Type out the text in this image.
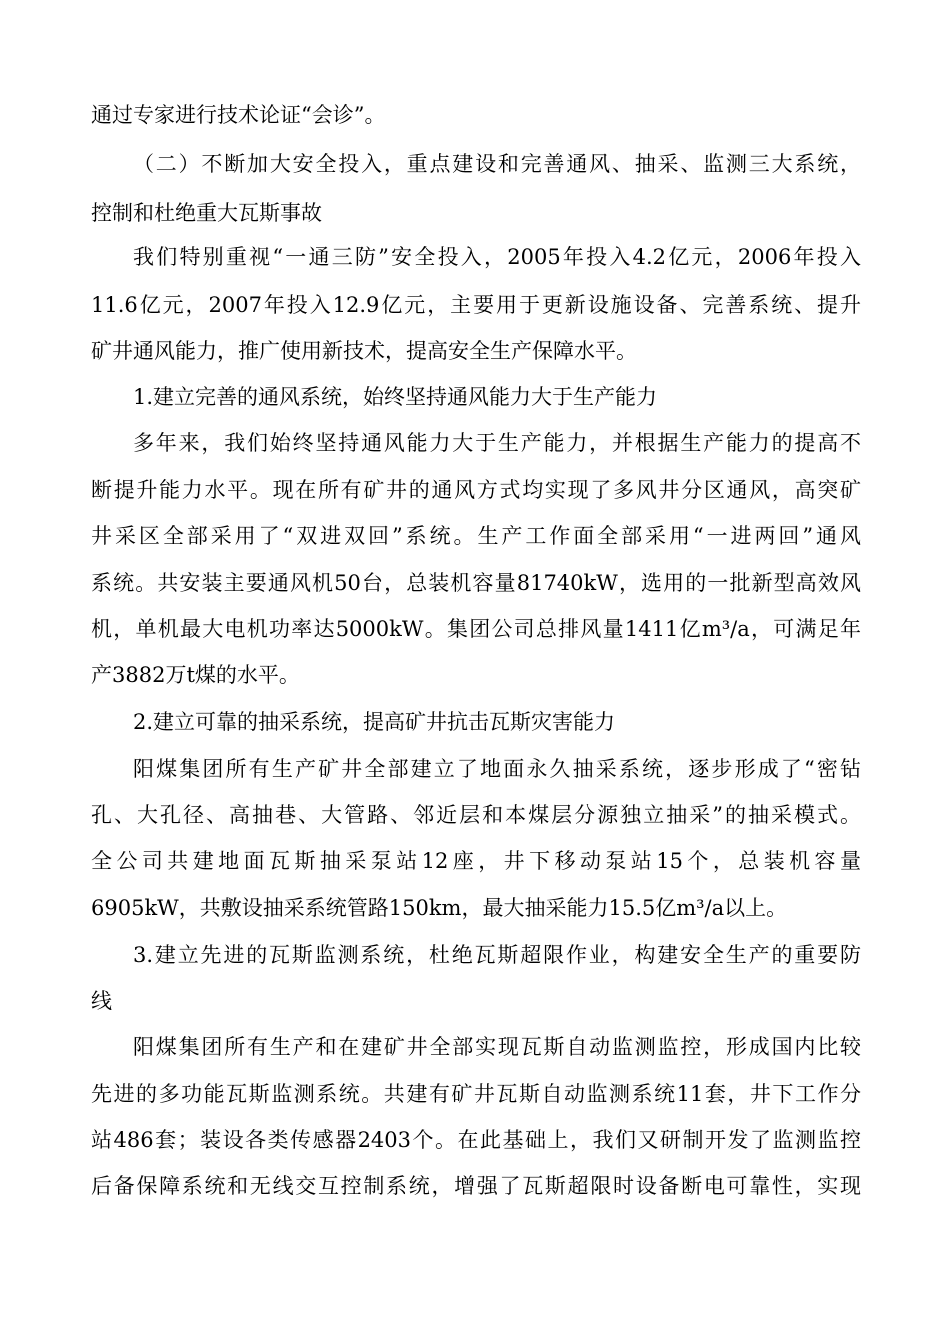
通过专家进行技术论证“会诊”。
（二）不断加大安全投入，重点建设和完善通风、抽采、监测三大系统，
控制和杜绝重大瓦斯事故
我们特别重视“一通三防”安全投入，2005年投入4.2亿元，2006年投入
11.6亿元，2007年投入12.9亿元，主要用于更新设施设备、完善系统、提升
矿井通风能力，推广使用新技术，提高安全生产保障水平。
1.建立完善的通风系统，始终坚持通风能力大于生产能力
多年来，我们始终坚持通风能力大于生产能力，并根据生产能力的提高不
断提升能力水平。现在所有矿井的通风方式均实现了多风井分区通风，高突矿
井采区全部采用了“双进双回”系统。生产工作面全部采用“一进两回”通风
系统。共安装主要通风机50台，总装机容量81740kW，选用的一批新型高效风
机，单机最大电机功率达5000kW。集团公司总排风量1411亿m³/a，可满足年
产3882万t煤的水平。
2.建立可靠的抽采系统，提高矿井抗击瓦斯灾害能力
阳煤集团所有生产矿井全部建立了地面永久抽采系统，逐步形成了“密钻
孔、大孔径、高抽巷、大管路、邻近层和本煤层分源独立抽采”的抽采模式。
全公司共建地面瓦斯抽采泵站12座，井下移动泵站15个，总装机容量
6905kW，共敷设抽采系统管路150km，最大抽采能力15.5亿m³/a以上。
3.建立先进的瓦斯监测系统，杜绝瓦斯超限作业，构建安全生产的重要防
线
阳煤集团所有生产和在建矿井全部实现瓦斯自动监测监控，形成国内比较
先进的多功能瓦斯监测系统。共建有矿井瓦斯自动监测系统11套，井下工作分
站486套；装设各类传感器2403个。在此基础上，我们又研制开发了监测监控
后备保障系统和无线交互控制系统，增强了瓦斯超限时设备断电可靠性，实现
